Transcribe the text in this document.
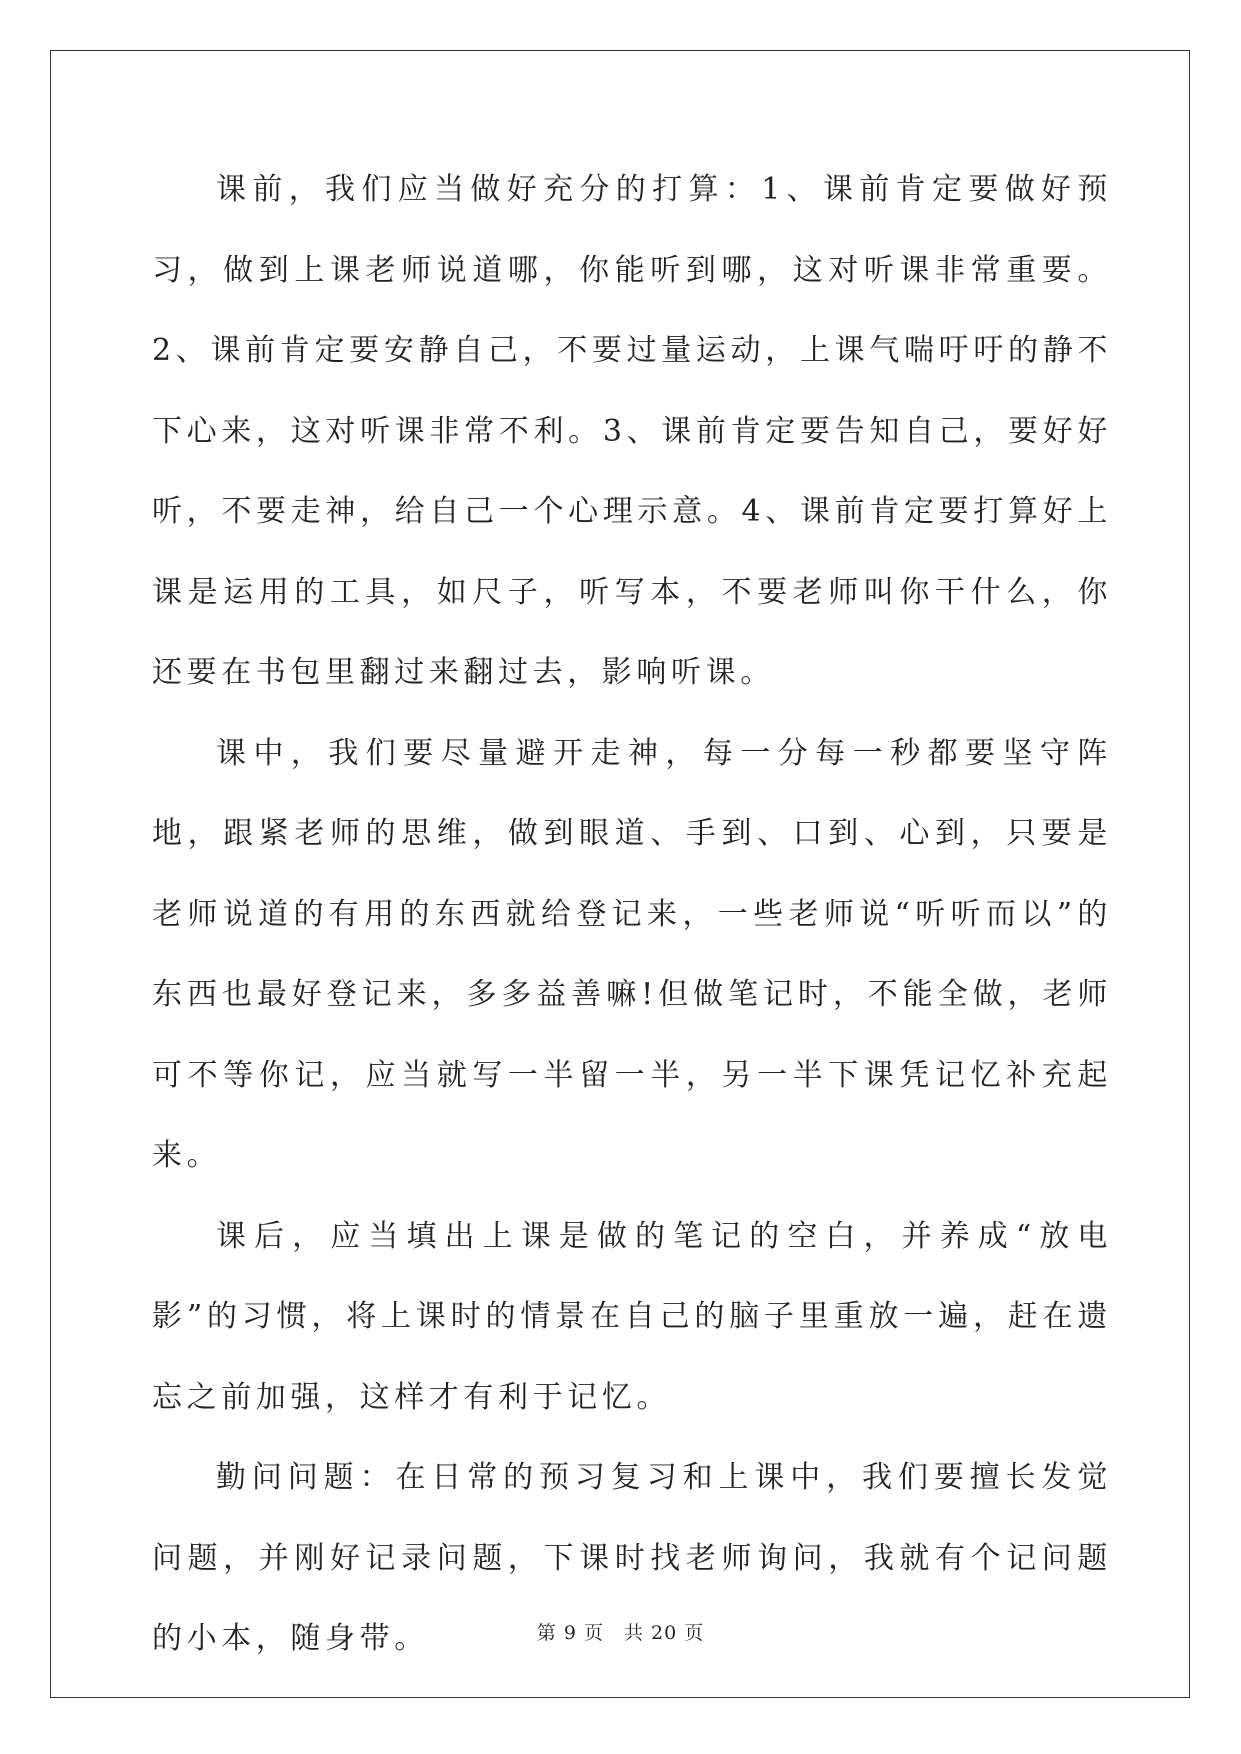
课前，我们应当做好充分的打算：1、课前肯定要做好预习，做到上课老师说道哪，你能听到哪，这对听课非常重要。2、课前肯定要安静自己，不要过量运动，上课气喘吁吁的静不下心来，这对听课非常不利。3、课前肯定要告知自己，要好好听，不要走神，给自己一个心理示意。4、课前肯定要打算好上课是运用的工具，如尺子，听写本，不要老师叫你干什么，你还要在书包里翻过来翻过去，影响听课。

课中，我们要尽量避开走神，每一分每一秒都要坚守阵地，跟紧老师的思维，做到眼道、手到、口到、心到，只要是老师说道的有用的东西就给登记来，一些老师说“听听而以”的东西也最好登记来，多多益善嘛!但做笔记时，不能全做，老师可不等你记，应当就写一半留一半，另一半下课凭记忆补充起来。

课后，应当填出上课是做的笔记的空白，并养成“放电影”的习惯，将上课时的情景在自己的脑子里重放一遍，赶在遗忘之前加强，这样才有利于记忆。

勤问问题：在日常的预习复习和上课中，我们要擅长发觉问题，并刚好记录问题，下课时找老师询问，我就有个记问题的小本，随身带。	第 9 页　共 20 页
